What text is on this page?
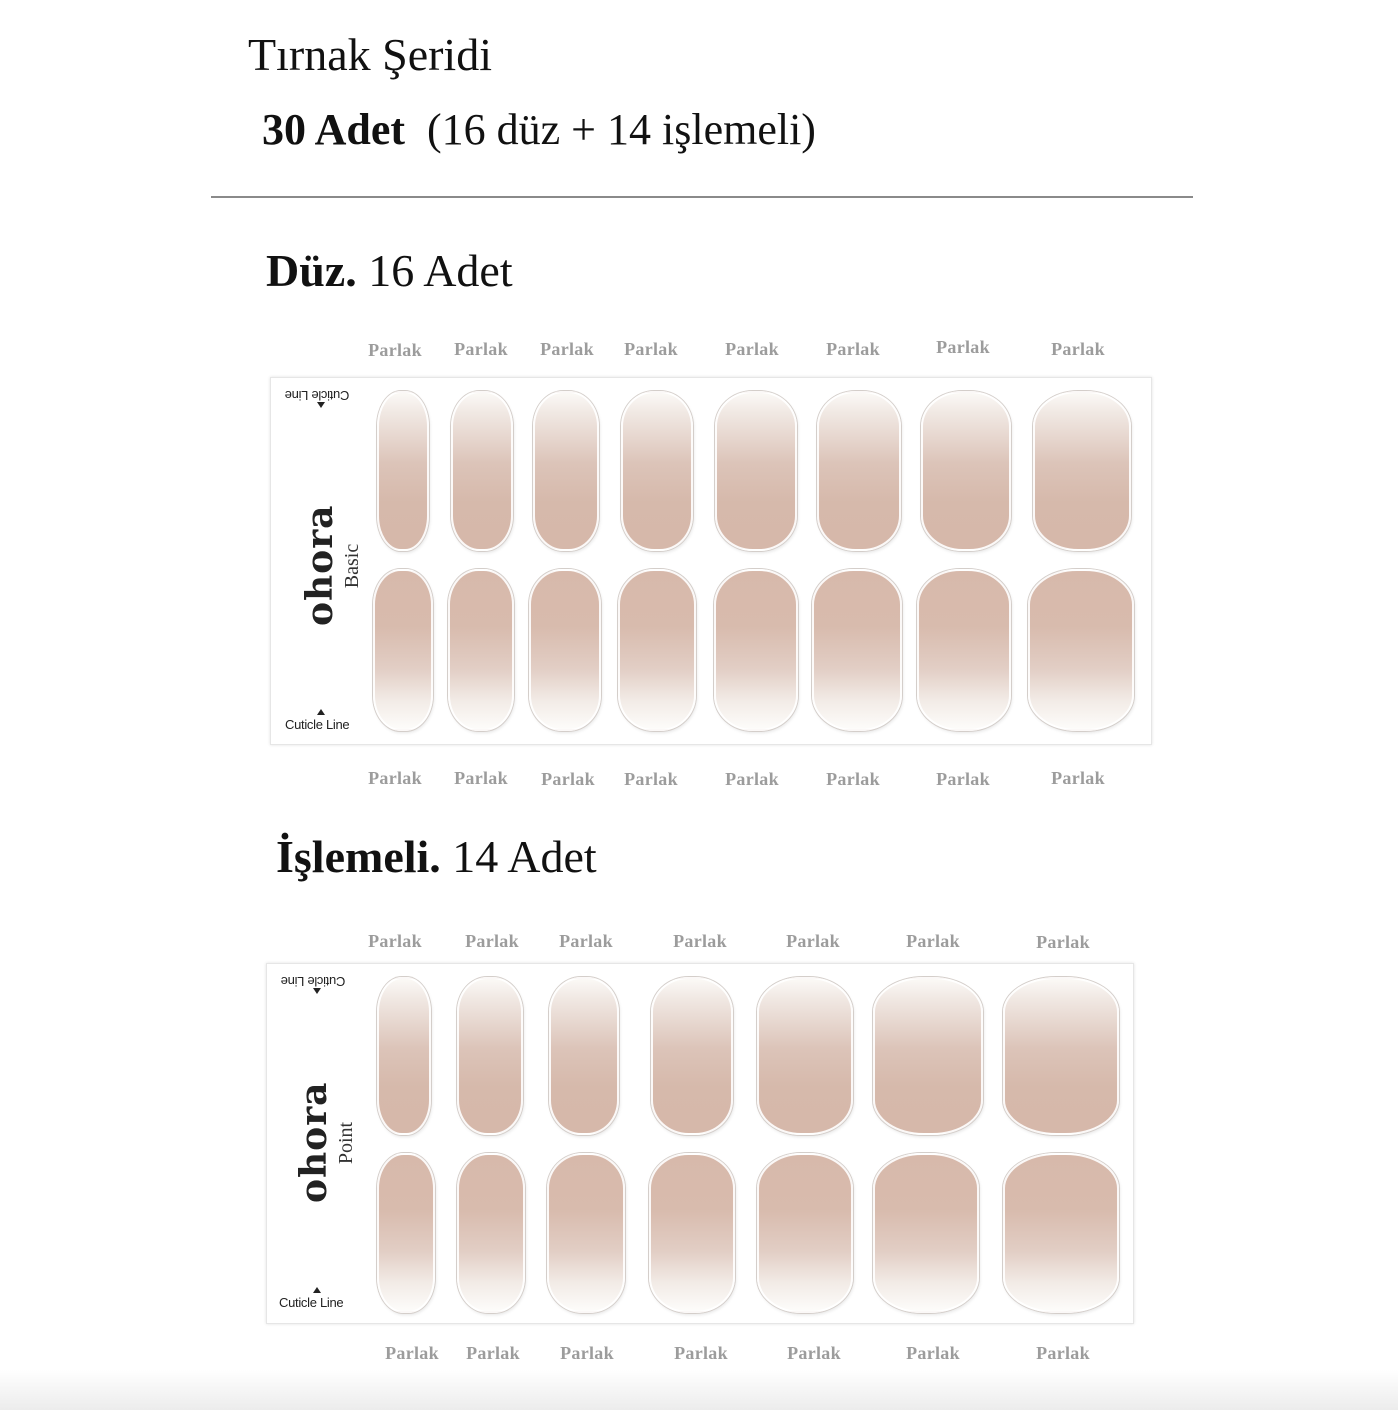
Tırnak Şeridi
30 Adet (16 düz + 14 işlemeli)
Düz. 16 Adet
Parlak Parlak Parlak Parlak	Parlak	Parlak	Parlak	Parlak
Cuticle Line
ohora Basic
Cuticle Line
Parlak Parlak Parlak Parlak	Parlak	Parlak	Parlak	Parlak
İşlemeli. 14 Adet
Parlak Parlak Parlak	Parlak	Parlak	Parlak	Parlak
Cuticle Line
ohora Point
Cuticle Line
Parlak Parlak Parlak	Parlak	Parlak	Parlak	Parlak
